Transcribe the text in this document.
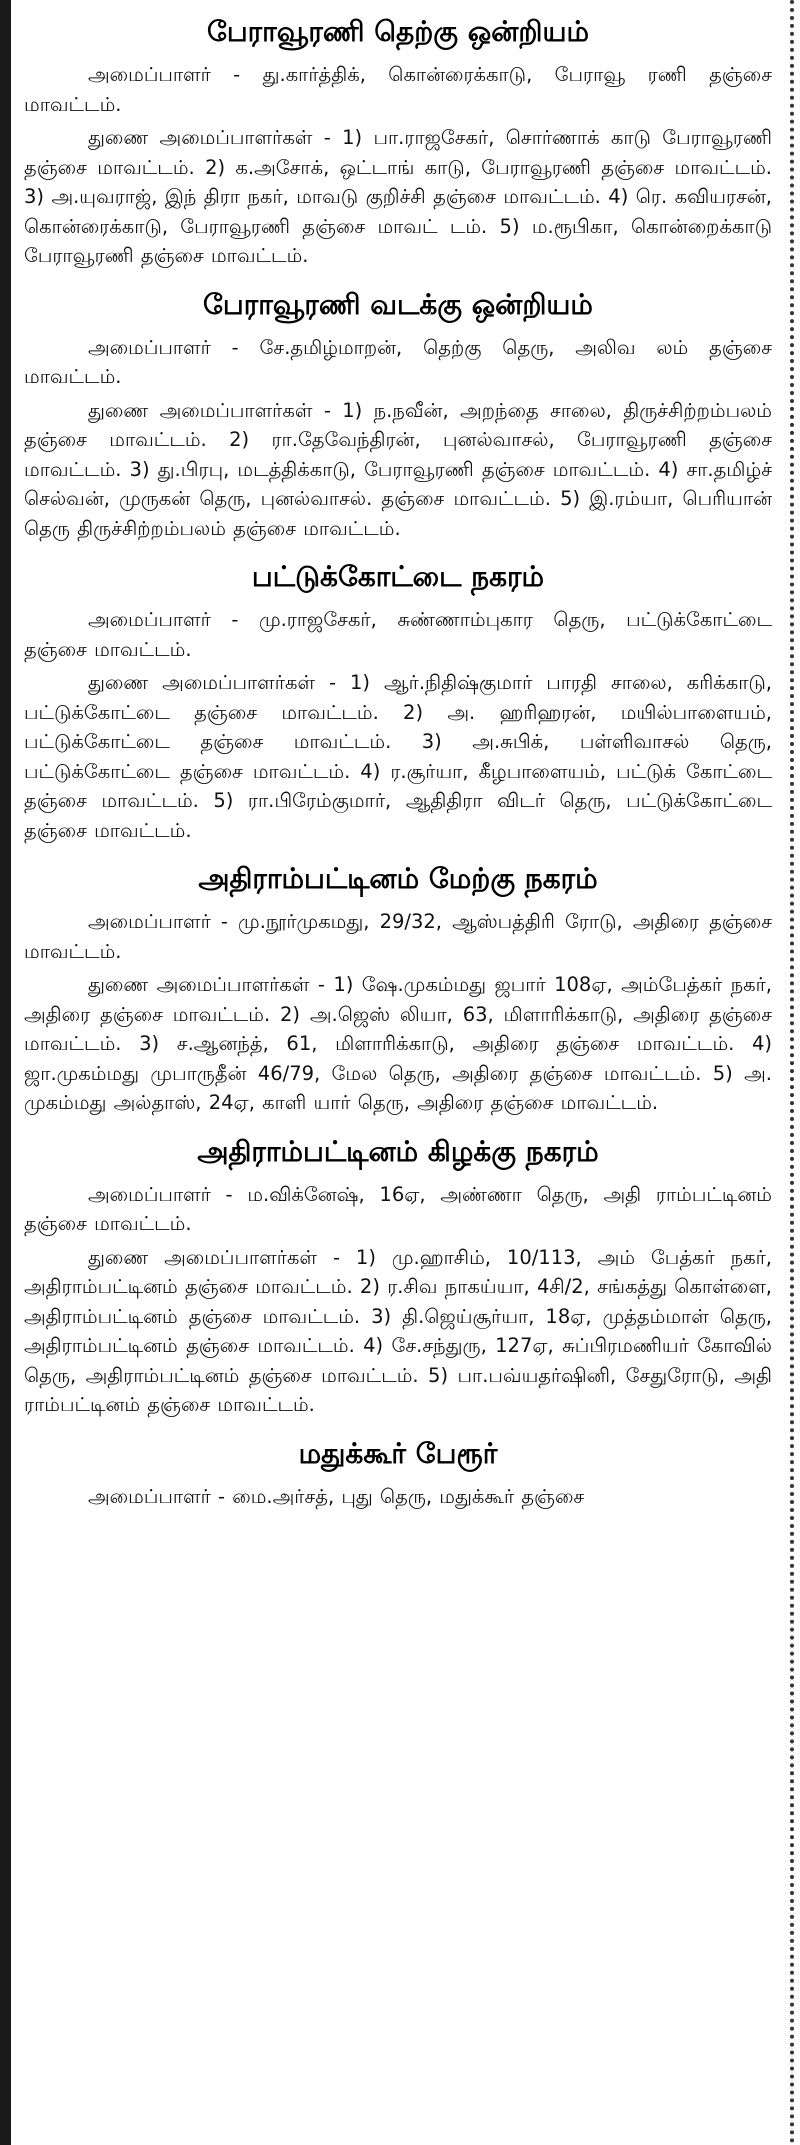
பேராவூரணி தெற்கு ஒன்றியம்

அமைப்பாளர் - து.கார்த்திக், கொன்ரைக்காடு, பேராவூ ரணி தஞ்சை மாவட்டம்.

துணை அமைப்பாளர்கள் - 1) பா.ராஜசேகர், சொர்ணாக் காடு பேராவூரணி தஞ்சை மாவட்டம். 2) க.அசோக், ஒட்டாங் காடு, பேராவூரணி தஞ்சை மாவட்டம். 3) அ.யுவராஜ், இந் திரா நகர், மாவடு குறிச்சி தஞ்சை மாவட்டம். 4) ரெ. கவியரசன், கொன்ரைக்காடு, பேராவூரணி தஞ்சை மாவட் டம். 5) ம.ரூபிகா, கொன்றைக்காடு பேராவூரணி தஞ்சை மாவட்டம்.

பேராவூரணி வடக்கு ஒன்றியம்

அமைப்பாளர் - சே.தமிழ்மாறன், தெற்கு தெரு, அலிவ லம் தஞ்சை மாவட்டம்.

துணை அமைப்பாளர்கள் - 1) ந.நவீன், அறந்தை சாலை, திருச்சிற்றம்பலம் தஞ்சை மாவட்டம். 2) ரா.தேவேந்திரன், புனல்வாசல், பேராவூரணி தஞ்சை மாவட்டம். 3) து.பிரபு, மடத்திக்காடு, பேராவூரணி தஞ்சை மாவட்டம். 4) சா.தமிழ்ச் செல்வன், முருகன் தெரு, புனல்வாசல். தஞ்சை மாவட்டம். 5) இ.ரம்யா, பெரியான் தெரு திருச்சிற்றம்பலம் தஞ்சை மாவட்டம்.

பட்டுக்கோட்டை நகரம்

அமைப்பாளர் - மு.ராஜசேகர், சுண்ணாம்புகார தெரு, பட்டுக்கோட்டை தஞ்சை மாவட்டம்.

துணை அமைப்பாளர்கள் - 1) ஆர்.நிதிஷ்குமார் பாரதி சாலை, கரிக்காடு, பட்டுக்கோட்டை தஞ்சை மாவட்டம். 2) அ. ஹரிஹரன், மயில்பாளையம், பட்டுக்கோட்டை தஞ்சை மாவட்டம். 3) அ.சுபிக், பள்ளிவாசல் தெரு, பட்டுக்கோட்டை தஞ்சை மாவட்டம். 4) ர.சூர்யா, கீழபாளையம், பட்டுக் கோட்டை தஞ்சை மாவட்டம். 5) ரா.பிரேம்குமார், ஆதிதிரா விடர் தெரு, பட்டுக்கோட்டை தஞ்சை மாவட்டம்.

அதிராம்பட்டினம் மேற்கு நகரம்

அமைப்பாளர் - மு.நூர்முகமது, 29/32, ஆஸ்பத்திரி ரோடு, அதிரை தஞ்சை மாவட்டம்.

துணை அமைப்பாளர்கள் - 1) ஷே.முகம்மது ஜபார் 108ஏ, அம்பேத்கர் நகர், அதிரை தஞ்சை மாவட்டம். 2) அ.ஜெஸ் லியா, 63, மிளாரிக்காடு, அதிரை தஞ்சை மாவட்டம். 3) ச.ஆனந்த், 61, மிளாரிக்காடு, அதிரை தஞ்சை மாவட்டம். 4) ஜா.முகம்மது முபாருதீன் 46/79, மேல தெரு, அதிரை தஞ்சை மாவட்டம். 5) அ. முகம்மது அல்தாஸ், 24ஏ, காளி யார் தெரு, அதிரை தஞ்சை மாவட்டம்.

அதிராம்பட்டினம் கிழக்கு நகரம்

அமைப்பாளர் - ம.விக்னேஷ், 16ஏ, அண்ணா தெரு, அதி ராம்பட்டினம் தஞ்சை மாவட்டம்.

துணை அமைப்பாளர்கள் - 1) மு.ஹாசிம், 10/113, அம் பேத்கர் நகர், அதிராம்பட்டினம் தஞ்சை மாவட்டம். 2) ர.சிவ நாகய்யா, 4சி/2, சங்கத்து கொள்ளை, அதிராம்பட்டினம் தஞ்சை மாவட்டம். 3) தி.ஜெய்சூர்யா, 18ஏ, முத்தம்மாள் தெரு, அதிராம்பட்டினம் தஞ்சை மாவட்டம். 4) சே.சந்துரு, 127ஏ, சுப்பிரமணியர் கோவில் தெரு, அதிராம்பட்டினம் தஞ்சை மாவட்டம். 5) பா.பவ்யதர்ஷினி, சேதுரோடு, அதி ராம்பட்டினம் தஞ்சை மாவட்டம்.

மதுக்கூர் பேரூர்

அமைப்பாளர் - மை.அர்சத், புது தெரு, மதுக்கூர் தஞ்சை
